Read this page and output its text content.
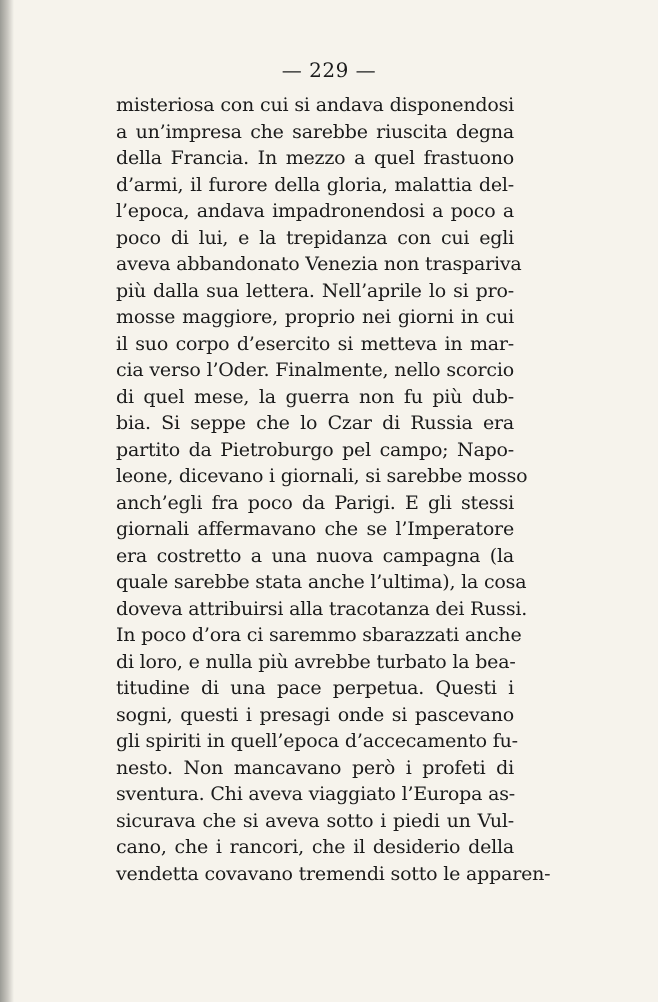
— 229 —
misteriosa con cui si andava disponendosi
a un’impresa che sarebbe riuscita degna
della Francia. In mezzo a quel frastuono
d’armi, il furore della gloria, malattia del-
l’epoca, andava impadronendosi a poco a
poco di lui, e la trepidanza con cui egli
aveva abbandonato Venezia non traspariva
più dalla sua lettera. Nell’aprile lo si pro-
mosse maggiore, proprio nei giorni in cui
il suo corpo d’esercito si metteva in mar-
cia verso l’Oder. Finalmente, nello scorcio
di quel mese, la guerra non fu più dub-
bia. Si seppe che lo Czar di Russia era
partito da Pietroburgo pel campo; Napo-
leone, dicevano i giornali, si sarebbe mosso
anch’egli fra poco da Parigi. E gli stessi
giornali affermavano che se l’Imperatore
era costretto a una nuova campagna (la
quale sarebbe stata anche l’ultima), la cosa
doveva attribuirsi alla tracotanza dei Russi.
In poco d’ora ci saremmo sbarazzati anche
di loro, e nulla più avrebbe turbato la bea-
titudine di una pace perpetua. Questi i
sogni, questi i presagi onde si pascevano
gli spiriti in quell’epoca d’accecamento fu-
nesto. Non mancavano però i profeti di
sventura. Chi aveva viaggiato l’Europa as-
sicurava che si aveva sotto i piedi un Vul-
cano, che i rancori, che il desiderio della
vendetta covavano tremendi sotto le apparen-
